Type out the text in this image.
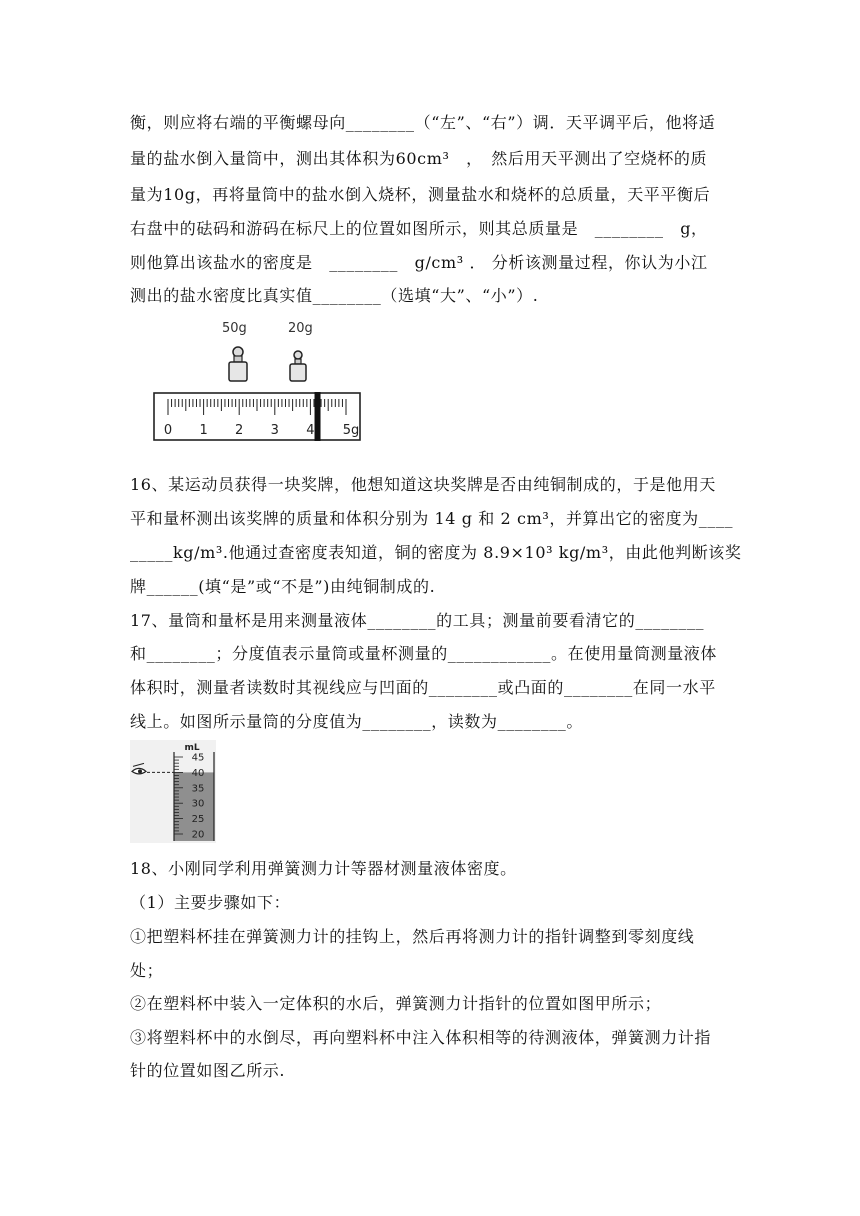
衡，则应将右端的平衡螺母向________（“左”、“右”）调．天平调平后，他将适
量的盐水倒入量筒中，测出其体积为60cm³　，　然后用天平测出了空烧杯的质
量为10g，再将量筒中的盐水倒入烧杯，测量盐水和烧杯的总质量，天平平衡后
右盘中的砝码和游码在标尺上的位置如图所示，则其总质量是　________　g，
则他算出该盐水的密度是　________　g/cm³ ． 分析该测量过程，你认为小江
测出的盐水密度比真实值________（选填“大”、“小”）.
50g	20g
0 1 2 3 4 5g
16、某运动员获得一块奖牌，他想知道这块奖牌是否由纯铜制成的，于是他用天
平和量杯测出该奖牌的质量和体积分别为 14 g 和 2 cm³，并算出它的密度为____
_____kg/m³.他通过查密度表知道，铜的密度为 8.9×10³ kg/m³，由此他判断该奖
牌______(填“是”或“不是”)由纯铜制成的.
17、量筒和量杯是用来测量液体________的工具；测量前要看清它的________
和________；分度值表示量筒或量杯测量的____________。在使用量筒测量液体
体积时，测量者读数时其视线应与凹面的________或凸面的________在同一水平
线上。如图所示量筒的分度值为________，读数为________。
mL
45
40
35
30
25
20
18、小刚同学利用弹簧测力计等器材测量液体密度。
（1）主要步骤如下：
①把塑料杯挂在弹簧测力计的挂钩上，然后再将测力计的指针调整到零刻度线
处；
②在塑料杯中装入一定体积的水后，弹簧测力计指针的位置如图甲所示；
③将塑料杯中的水倒尽，再向塑料杯中注入体积相等的待测液体，弹簧测力计指
针的位置如图乙所示.
